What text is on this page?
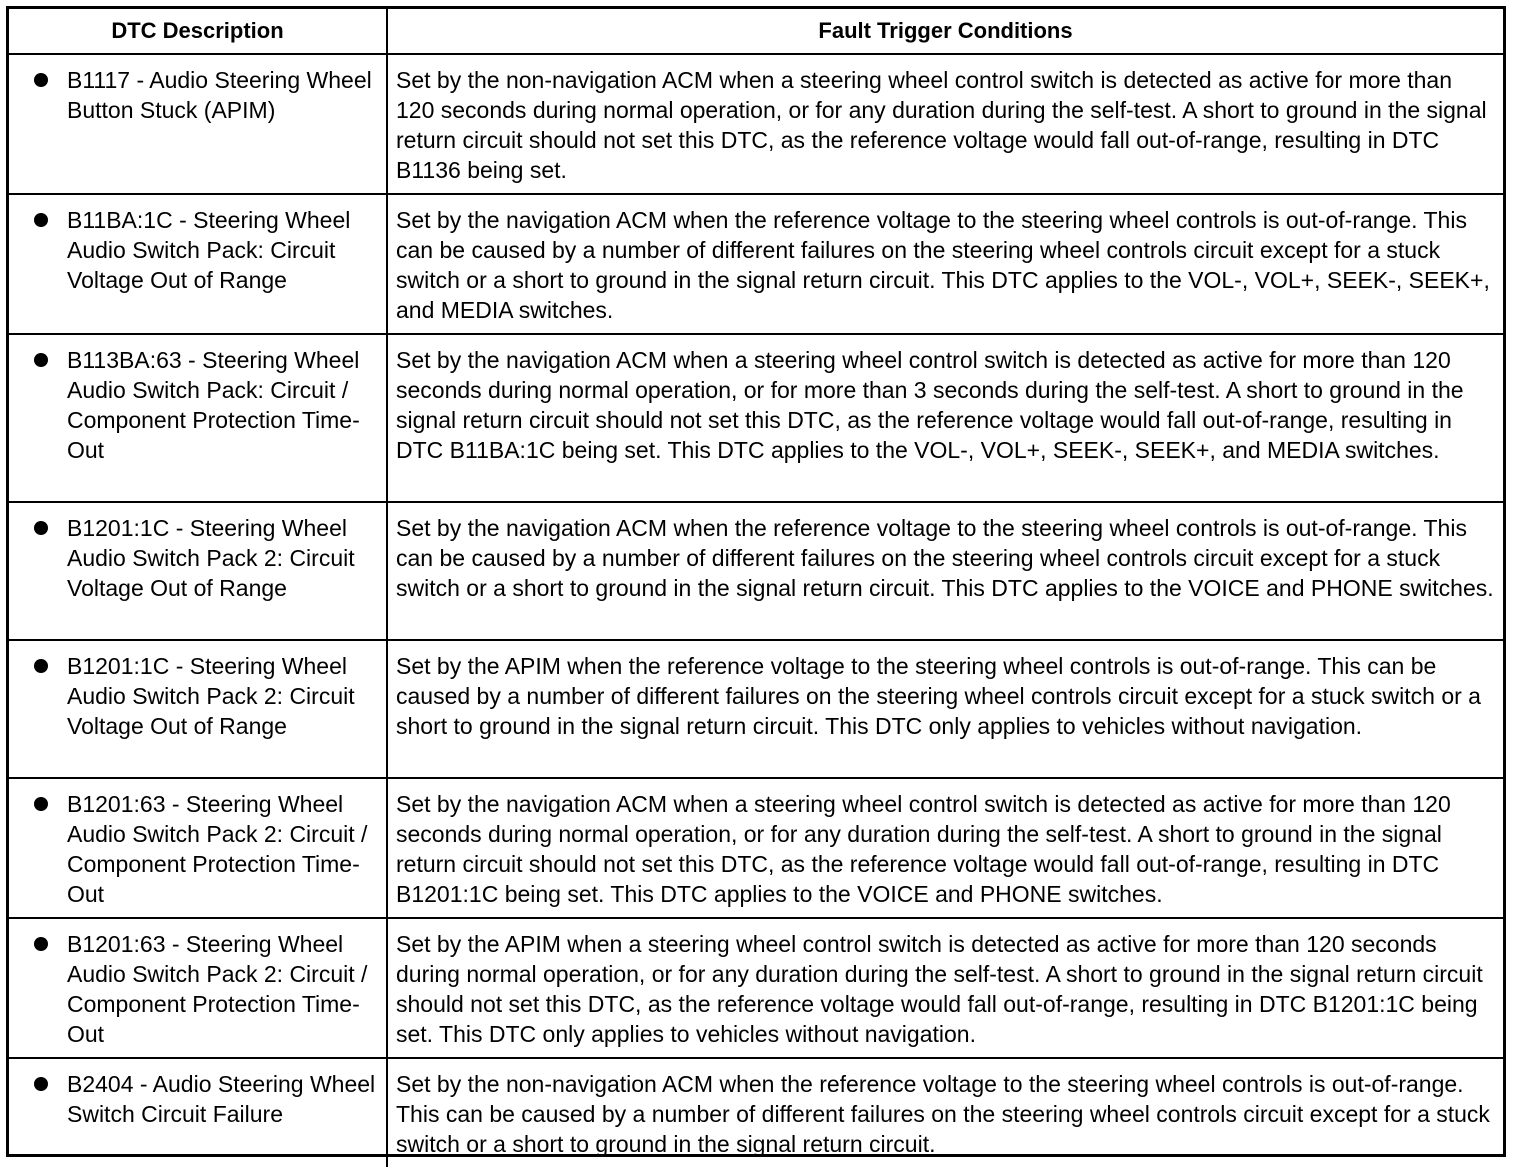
DTC Description	Fault Trigger Conditions

B1117 - Audio Steering Wheel Button Stuck (APIM)	Set by the non-navigation ACM when a steering wheel control switch is detected as active for more than 120 seconds during normal operation, or for any duration during the self-test. A short to ground in the signal return circuit should not set this DTC, as the reference voltage would fall out-of-range, resulting in DTC B1136 being set.

B11BA:1C - Steering Wheel Audio Switch Pack: Circuit Voltage Out of Range	Set by the navigation ACM when the reference voltage to the steering wheel controls is out-of-range. This can be caused by a number of different failures on the steering wheel controls circuit except for a stuck switch or a short to ground in the signal return circuit. This DTC applies to the VOL-, VOL+, SEEK-, SEEK+, and MEDIA switches.

B113BA:63 - Steering Wheel Audio Switch Pack: Circuit / Component Protection Time-Out	Set by the navigation ACM when a steering wheel control switch is detected as active for more than 120 seconds during normal operation, or for more than 3 seconds during the self-test. A short to ground in the signal return circuit should not set this DTC, as the reference voltage would fall out-of-range, resulting in DTC B11BA:1C being set. This DTC applies to the VOL-, VOL+, SEEK-, SEEK+, and MEDIA switches.

B1201:1C - Steering Wheel Audio Switch Pack 2: Circuit Voltage Out of Range	Set by the navigation ACM when the reference voltage to the steering wheel controls is out-of-range. This can be caused by a number of different failures on the steering wheel controls circuit except for a stuck switch or a short to ground in the signal return circuit. This DTC applies to the VOICE and PHONE switches.

B1201:1C - Steering Wheel Audio Switch Pack 2: Circuit Voltage Out of Range	Set by the APIM when the reference voltage to the steering wheel controls is out-of-range. This can be caused by a number of different failures on the steering wheel controls circuit except for a stuck switch or a short to ground in the signal return circuit. This DTC only applies to vehicles without navigation.

B1201:63 - Steering Wheel Audio Switch Pack 2: Circuit / Component Protection Time-Out	Set by the navigation ACM when a steering wheel control switch is detected as active for more than 120 seconds during normal operation, or for any duration during the self-test. A short to ground in the signal return circuit should not set this DTC, as the reference voltage would fall out-of-range, resulting in DTC B1201:1C being set. This DTC applies to the VOICE and PHONE switches.

B1201:63 - Steering Wheel Audio Switch Pack 2: Circuit / Component Protection Time-Out	Set by the APIM when a steering wheel control switch is detected as active for more than 120 seconds during normal operation, or for any duration during the self-test. A short to ground in the signal return circuit should not set this DTC, as the reference voltage would fall out-of-range, resulting in DTC B1201:1C being set. This DTC only applies to vehicles without navigation.

B2404 - Audio Steering Wheel Switch Circuit Failure	Set by the non-navigation ACM when the reference voltage to the steering wheel controls is out-of-range. This can be caused by a number of different failures on the steering wheel controls circuit except for a stuck switch or a short to ground in the signal return circuit.
